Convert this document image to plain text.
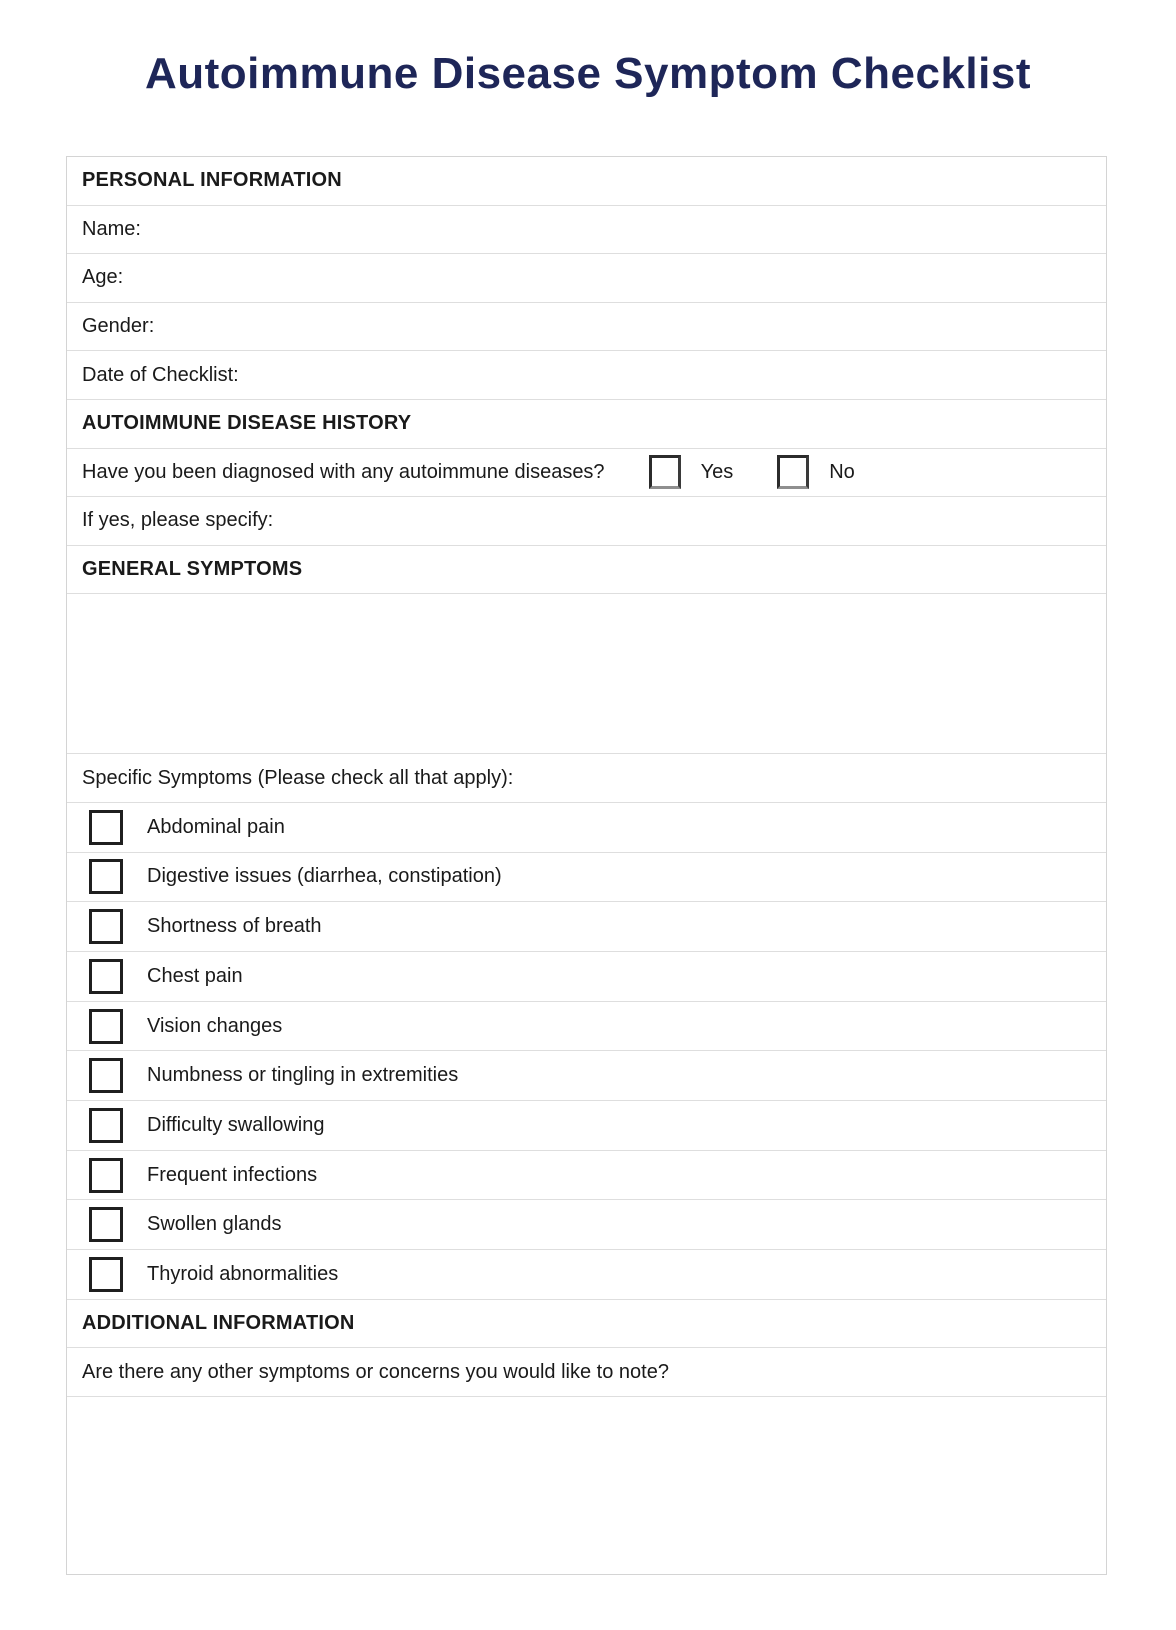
Autoimmune Disease Symptom Checklist
PERSONAL INFORMATION
Name:
Age:
Gender:
Date of Checklist:
AUTOIMMUNE DISEASE HISTORY
Have you been diagnosed with any autoimmune diseases?	Yes	No
If yes, please specify:
GENERAL SYMPTOMS
Specific Symptoms (Please check all that apply):
Abdominal pain
Digestive issues (diarrhea, constipation)
Shortness of breath
Chest pain
Vision changes
Numbness or tingling in extremities
Difficulty swallowing
Frequent infections
Swollen glands
Thyroid abnormalities
ADDITIONAL INFORMATION
Are there any other symptoms or concerns you would like to note?
